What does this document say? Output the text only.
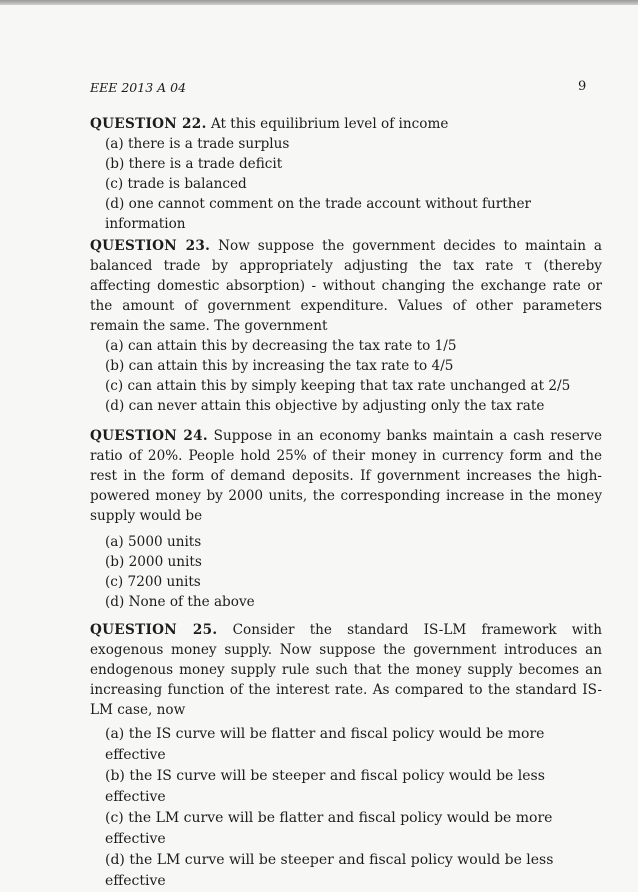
EEE 2013 A 04	9
QUESTION 22. At this equilibrium level of income
(a) there is a trade surplus
(b) there is a trade deficit
(c) trade is balanced
(d) one cannot comment on the trade account without further information
QUESTION 23. Now suppose the government decides to maintain a balanced trade by appropriately adjusting the tax rate τ (thereby affecting domestic absorption) - without changing the exchange rate or the amount of government expenditure. Values of other parameters remain the same. The government
(a) can attain this by decreasing the tax rate to 1/5
(b) can attain this by increasing the tax rate to 4/5
(c) can attain this by simply keeping that tax rate unchanged at 2/5
(d) can never attain this objective by adjusting only the tax rate
QUESTION 24. Suppose in an economy banks maintain a cash reserve ratio of 20%. People hold 25% of their money in currency form and the rest in the form of demand deposits. If government increases the high-powered money by 2000 units, the corresponding increase in the money supply would be
(a) 5000 units
(b) 2000 units
(c) 7200 units
(d) None of the above
QUESTION 25. Consider the standard IS-LM framework with exogenous money supply. Now suppose the government introduces an endogenous money supply rule such that the money supply becomes an increasing function of the interest rate. As compared to the standard IS-LM case, now
(a) the IS curve will be flatter and fiscal policy would be more effective
(b) the IS curve will be steeper and fiscal policy would be less effective
(c) the LM curve will be flatter and fiscal policy would be more effective
(d) the LM curve will be steeper and fiscal policy would be less effective
